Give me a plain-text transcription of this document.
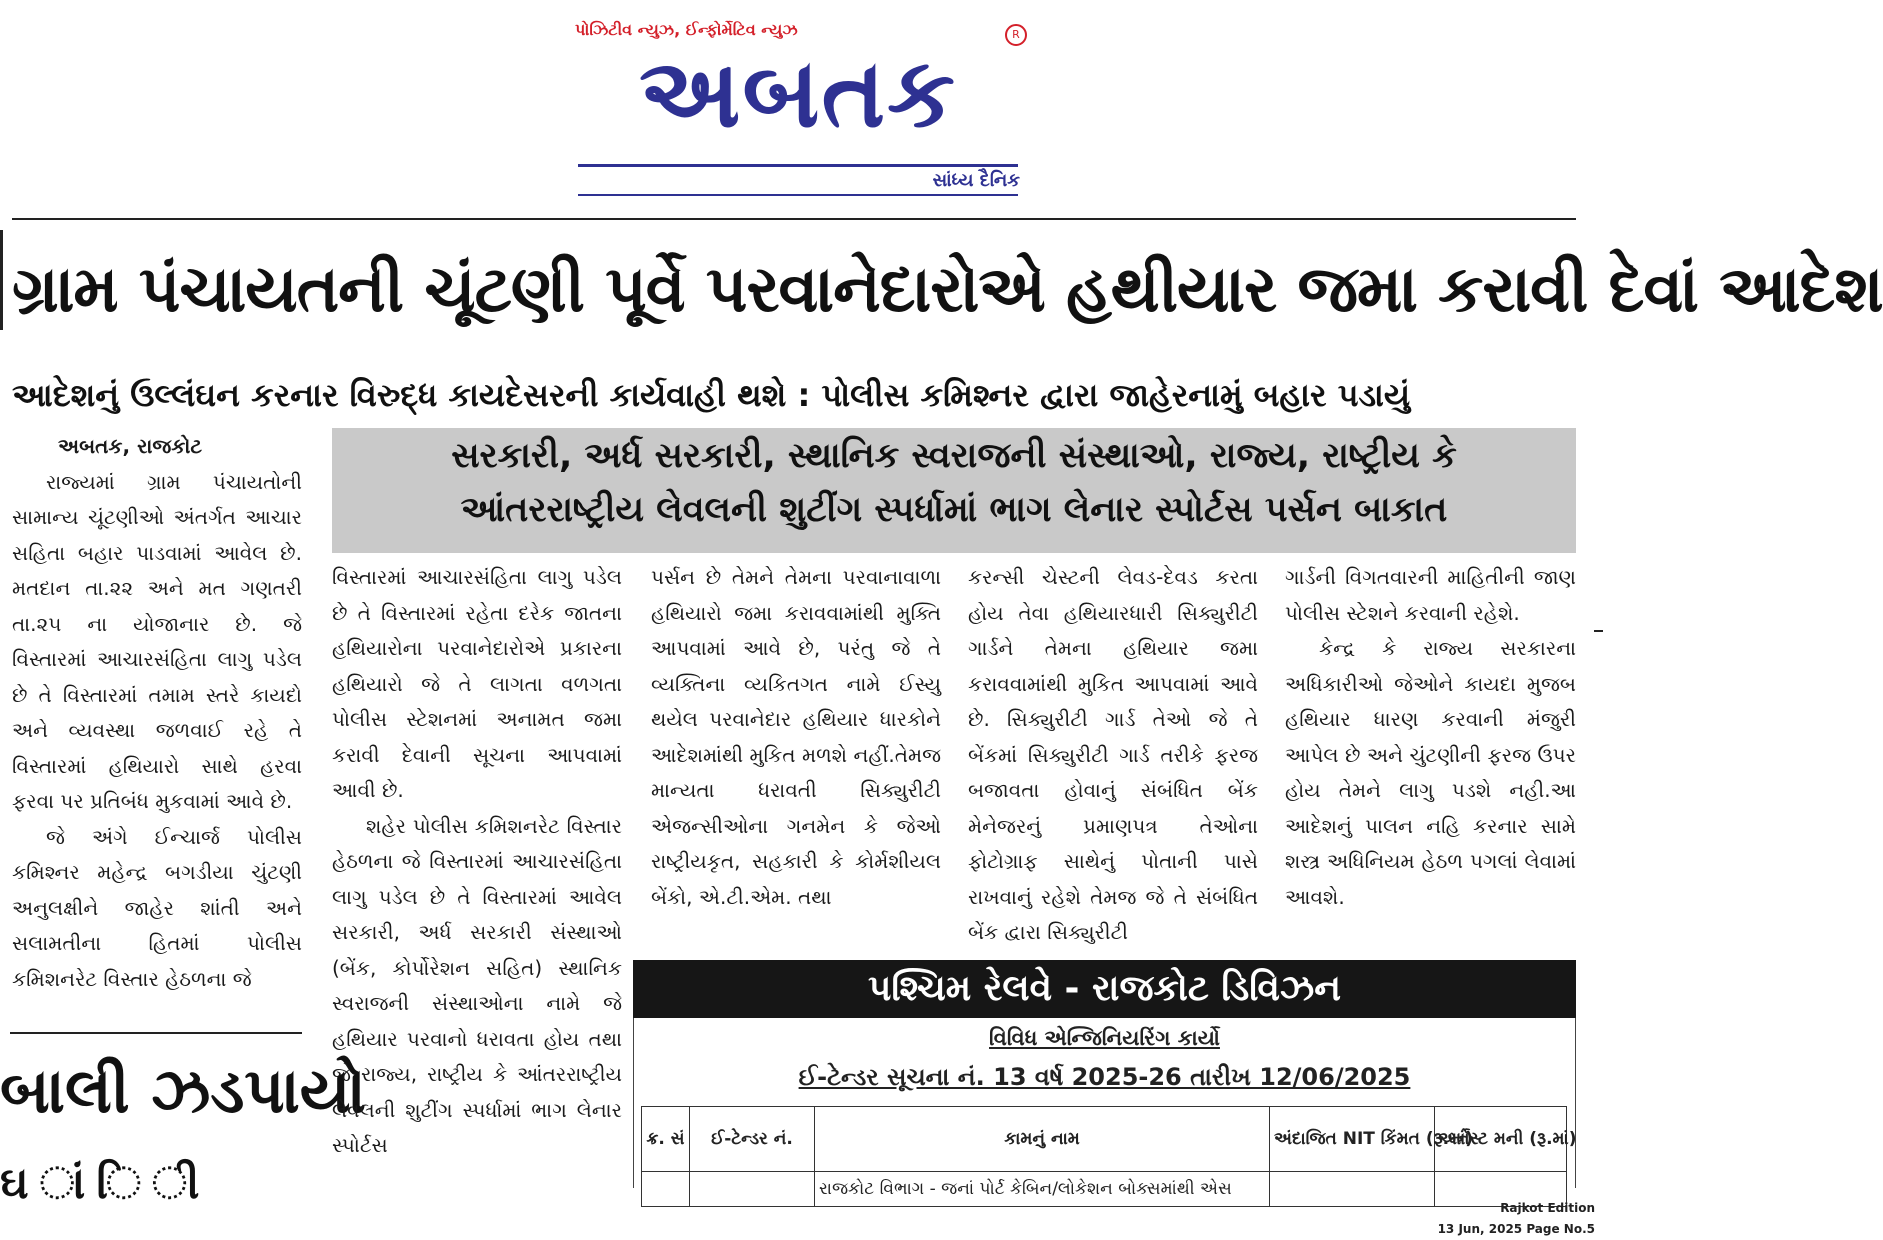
પોઝિટીવ ન્યુઝ, ઈન્ફોર્મેટિવ ન્યુઝ	R
અબતક
સાંધ્ય દૈનિક
ગ્રામ પંચાયતની ચૂંટણી પૂર્વે પરવાનેદારોએ હથીયાર જમા કરાવી દેવાં આદેશ
આદેશનું ઉલ્લંઘન કરનાર વિરુદ્ધ કાયદેસરની કાર્યવાહી થશે : પોલીસ કમિશ્નર દ્વારા જાહેરનામું બહાર પડાયું
સરકારી, અર્ધ સરકારી, સ્થાનિક સ્વરાજની સંસ્થાઓ, રાજ્ય, રાષ્ટ્રીય કે
આંતરરાષ્ટ્રીય લેવલની શુટીંગ સ્પર્ધામાં ભાગ લેનાર સ્પોર્ટસ પર્સન બાકાત

અબતક, રાજકોટ

રાજ્યમાં ગ્રામ પંચાયતોની સામાન્ય ચૂંટણીઓ અંતર્ગત આચાર સહિતા બહાર પાડવામાં આવેલ છે. મતદાન તા.૨૨ અને મત ગણતરી તા.૨૫ ના યોજાનાર છે. જે વિસ્તારમાં આચારસંહિતા લાગુ પડેલ છે તે વિસ્તારમાં તમામ સ્તરે કાયદો અને વ્યવસ્થા જળવાઈ રહે તે વિસ્તારમાં હથિયારો સાથે હરવા ફરવા પર પ્રતિબંધ મુકવામાં આવે છે.

જે અંગે ઈન્ચાર્જ પોલીસ કમિશ્નર મહેન્દ્ર બગડીયા ચુંટણી અનુલક્ષીને જાહેર શાંતી અને સલામતીના હિતમાં પોલીસ કમિશનરેટ વિસ્તાર હેઠળના જે

બાલી ઝડપાયો
ઘ ાં િ ી

વિસ્તારમાં આચારસંહિતા લાગુ પડેલ છે તે વિસ્તારમાં રહેતા દરેક જાતના હથિયારોના પરવાનેદારોએ પ્રકારના હથિયારો જે તે લાગતા વળગતા પોલીસ સ્ટેશનમાં અનામત જમા કરાવી દેવાની સૂચના આપવામાં આવી છે.

શહેર પોલીસ કમિશનરેટ વિસ્તાર હેઠળના જે વિસ્તારમાં આચારસંહિતા લાગુ પડેલ છે તે વિસ્તારમાં આવેલ સરકારી, અર્ધ સરકારી સંસ્થાઓ (બેંક, કોર્પોરેશન સહિત) સ્થાનિક સ્વરાજની સંસ્થાઓના નામે જે હથિયાર પરવાનો ધરાવતા હોય તથા જે રાજ્ય, રાષ્ટ્રીય કે આંતરરાષ્ટ્રીય લેવલની શુટીંગ સ્પર્ધામાં ભાગ લેનાર સ્પોર્ટસ

પર્સન છે તેમને તેમના પરવાનાવાળા હથિયારો જમા કરાવવામાંથી મુક્તિ આપવામાં આવે છે, પરંતુ જે તે વ્યક્તિના વ્યકિતગત નામે ઈસ્યુ થયેલ પરવાનેદાર હથિયાર ધારકોને આદેશમાંથી મુકિત મળશે નહીં.તેમજ માન્યતા ધરાવતી સિક્યુરીટી એજન્સીઓના ગનમેન કે જેઓ રાષ્ટ્રીયકૃત, સહકારી કે કોર્મશીયલ બેંકો, એ.ટી.એમ. તથા

કરન્સી ચેસ્ટની લેવડ-દેવડ કરતા હોય તેવા હથિયારધારી સિક્યુરીટી ગાર્ડને તેમના હથિયાર જમા કરાવવામાંથી મુકિત આપવામાં આવે છે. સિક્યુરીટી ગાર્ડ તેઓ જે તે બેંકમાં સિક્યુરીટી ગાર્ડ તરીકે ફરજ બજાવતા હોવાનું સંબંધિત બેંક મેનેજરનું પ્રમાણપત્ર તેઓના ફોટોગ્રાફ સાથેનું પોતાની પાસે રાખવાનું રહેશે તેમજ જે તે સંબંધિત બેંક દ્વારા સિક્યુરીટી

ગાર્ડની વિગતવારની માહિતીની જાણ પોલીસ સ્ટેશને કરવાની રહેશે.

કેન્દ્ર કે રાજ્ય સરકારના અધિકારીઓ જેઓને કાયદા મુજબ હથિયાર ધારણ કરવાની મંજુરી આપેલ છે અને ચુંટણીની ફરજ ઉપર હોય તેમને લાગુ પડશે નહી.આ આદેશનું પાલન નહિ કરનાર સામે શસ્ત્ર અધિનિયમ હેઠળ પગલાં લેવામાં આવશે.

પશ્ચિમ રેલવે - રાજકોટ ડિવિઝન
વિવિધ એન્જિનિયરિંગ કાર્યો
ઈ-ટેન્ડર સૂચના નં. 13 વર્ષ 2025-26 તારીખ 12/06/2025
ક્ર. સં	ઈ-ટેન્ડર નં.	કામનું નામ	અંદાજિત NIT કિંમત (રૂ.માં)	અર્નેસ્ટ મની (રૂ.માં)
		રાજકોટ વિભાગ - જનાં પોર્ટ કેબિન/લોકેશન બોક્સમાંથી એસ		
Rajkot Edition
13 Jun, 2025 Page No.5
